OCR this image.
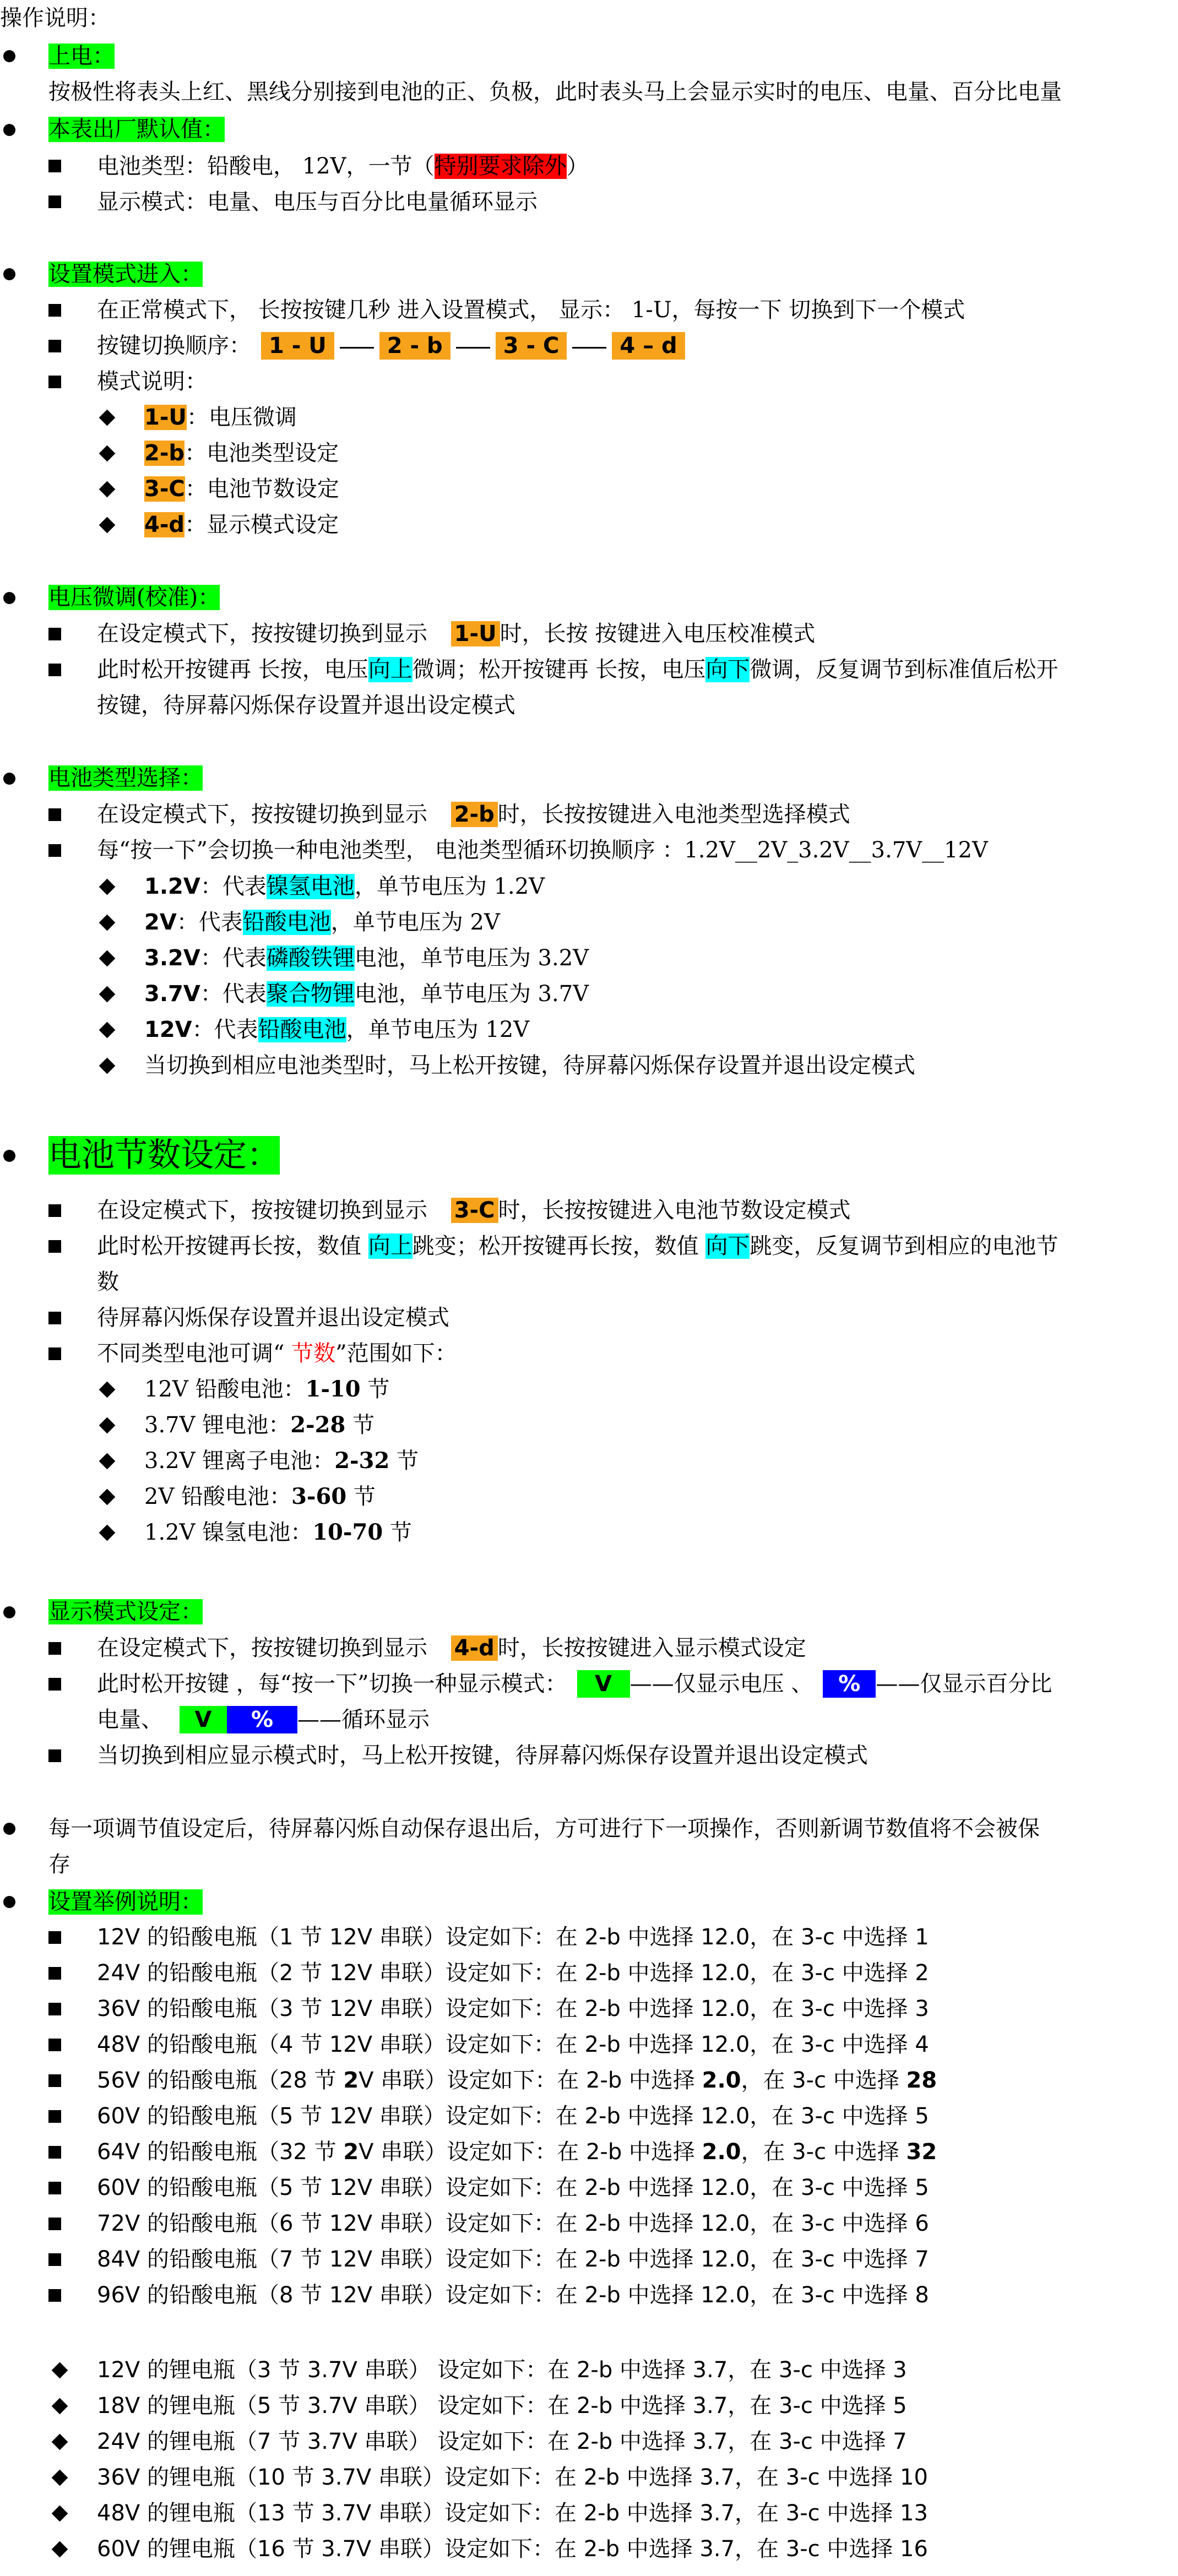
操作说明：
上电：
按极性将表头上红、黑线分别接到电池的正、负极，此时表头马上会显示实时的电压、电量、百分比电量
本表出厂默认值：
电池类型：铅酸电， 12V，一节（特别要求除外）
显示模式：电量、电压与百分比电量循环显示
设置模式进入：
在正常模式下， 长按按键几秒 进入设置模式， 显示： 1-U，每按一下 切换到下一个模式
按键切换顺序： 1 - U	2 - b	3 - C	4 – d
模式说明：
1-U：电压微调
2-b：电池类型设定
3-C：电池节数设定
4-d：显示模式设定
电压微调(校准)：
在设定模式下，按按键切换到显示 1-U 时，长按 按键进入电压校准模式
此时松开按键再 长按，电压向上微调；松开按键再 长按，电压向下微调，反复调节到标准值后松开
按键，待屏幕闪烁保存设置并退出设定模式
电池类型选择：
在设定模式下，按按键切换到显示 2-b 时，长按按键进入电池类型选择模式
每“按一下”会切换一种电池类型， 电池类型循环切换顺序 ：1.2V__2V_3.2V__3.7V__12V
1.2V：代表镍氢电池，单节电压为 1.2V
2V：代表铅酸电池，单节电压为 2V
3.2V：代表磷酸铁锂电池，单节电压为 3.2V
3.7V：代表聚合物锂电池，单节电压为 3.7V
12V：代表铅酸电池，单节电压为 12V
当切换到相应电池类型时，马上松开按键，待屏幕闪烁保存设置并退出设定模式
电池节数设定：
在设定模式下，按按键切换到显示 3-C 时，长按按键进入电池节数设定模式
此时松开按键再长按，数值 向上跳变；松开按键再长按，数值 向下跳变，反复调节到相应的电池节
数
待屏幕闪烁保存设置并退出设定模式
不同类型电池可调“ 节数”范围如下：
12V 铅酸电池：1-10 节
3.7V 锂电池：2-28 节
3.2V 锂离子电池：2-32 节
2V 铅酸电池：3-60 节
1.2V 镍氢电池：10-70 节
显示模式设定：
在设定模式下，按按键切换到显示 4-d 时，长按按键进入显示模式设定
此时松开按键 ，每“按一下”切换一种显示模式： V ——仅显示电压 、 % ——仅显示百分比
电量、 V % ——循环显示
当切换到相应显示模式时，马上松开按键，待屏幕闪烁保存设置并退出设定模式
每一项调节值设定后，待屏幕闪烁自动保存退出后，方可进行下一项操作，否则新调节数值将不会被保
存
设置举例说明：
12V 的铅酸电瓶（1 节 12V 串联）设定如下：在 2-b 中选择 12.0，在 3-c 中选择 1
24V 的铅酸电瓶（2 节 12V 串联）设定如下：在 2-b 中选择 12.0，在 3-c 中选择 2
36V 的铅酸电瓶（3 节 12V 串联）设定如下：在 2-b 中选择 12.0，在 3-c 中选择 3
48V 的铅酸电瓶（4 节 12V 串联）设定如下：在 2-b 中选择 12.0，在 3-c 中选择 4
56V 的铅酸电瓶（28 节 2V 串联）设定如下：在 2-b 中选择 2.0，在 3-c 中选择 28
60V 的铅酸电瓶（5 节 12V 串联）设定如下：在 2-b 中选择 12.0，在 3-c 中选择 5
64V 的铅酸电瓶（32 节 2V 串联）设定如下：在 2-b 中选择 2.0，在 3-c 中选择 32
60V 的铅酸电瓶（5 节 12V 串联）设定如下：在 2-b 中选择 12.0，在 3-c 中选择 5
72V 的铅酸电瓶（6 节 12V 串联）设定如下：在 2-b 中选择 12.0，在 3-c 中选择 6
84V 的铅酸电瓶（7 节 12V 串联）设定如下：在 2-b 中选择 12.0，在 3-c 中选择 7
96V 的铅酸电瓶（8 节 12V 串联）设定如下：在 2-b 中选择 12.0，在 3-c 中选择 8
12V 的锂电瓶（3 节 3.7V 串联） 设定如下：在 2-b 中选择 3.7，在 3-c 中选择 3
18V 的锂电瓶（5 节 3.7V 串联） 设定如下：在 2-b 中选择 3.7，在 3-c 中选择 5
24V 的锂电瓶（7 节 3.7V 串联） 设定如下：在 2-b 中选择 3.7，在 3-c 中选择 7
36V 的锂电瓶（10 节 3.7V 串联）设定如下：在 2-b 中选择 3.7，在 3-c 中选择 10
48V 的锂电瓶（13 节 3.7V 串联）设定如下：在 2-b 中选择 3.7，在 3-c 中选择 13
60V 的锂电瓶（16 节 3.7V 串联）设定如下：在 2-b 中选择 3.7，在 3-c 中选择 16
